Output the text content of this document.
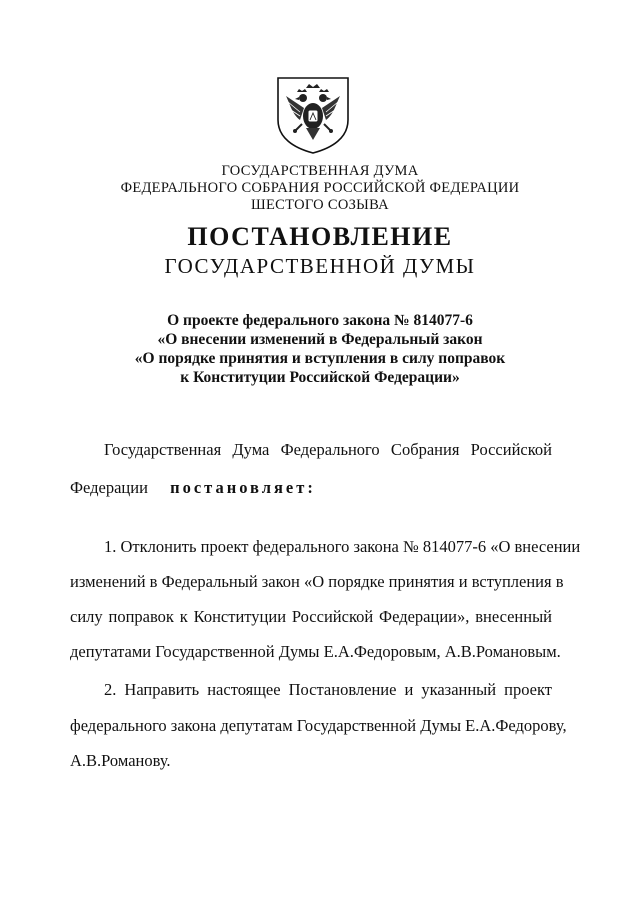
ГОСУДАРСТВЕННАЯ ДУМА
ФЕДЕРАЛЬНОГО СОБРАНИЯ РОССИЙСКОЙ ФЕДЕРАЦИИ
ШЕСТОГО СОЗЫВА
ПОСТАНОВЛЕНИЕ
ГОСУДАРСТВЕННОЙ ДУМЫ
О проекте федерального закона № 814077-6
«О внесении изменений в Федеральный закон
«О порядке принятия и вступления в силу поправок
к Конституции Российской Федерации»
Государственная Дума Федерального Собрания Российской
Федерации постановляет:
1. Отклонить проект федерального закона № 814077-6 «О внесении
изменений в Федеральный закон «О порядке принятия и вступления в
силу поправок к Конституции Российской Федерации», внесенный
депутатами Государственной Думы Е.А.Федоровым, А.В.Романовым.
2. Направить настоящее Постановление и указанный проект
федерального закона депутатам Государственной Думы Е.А.Федорову,
А.В.Романову.
